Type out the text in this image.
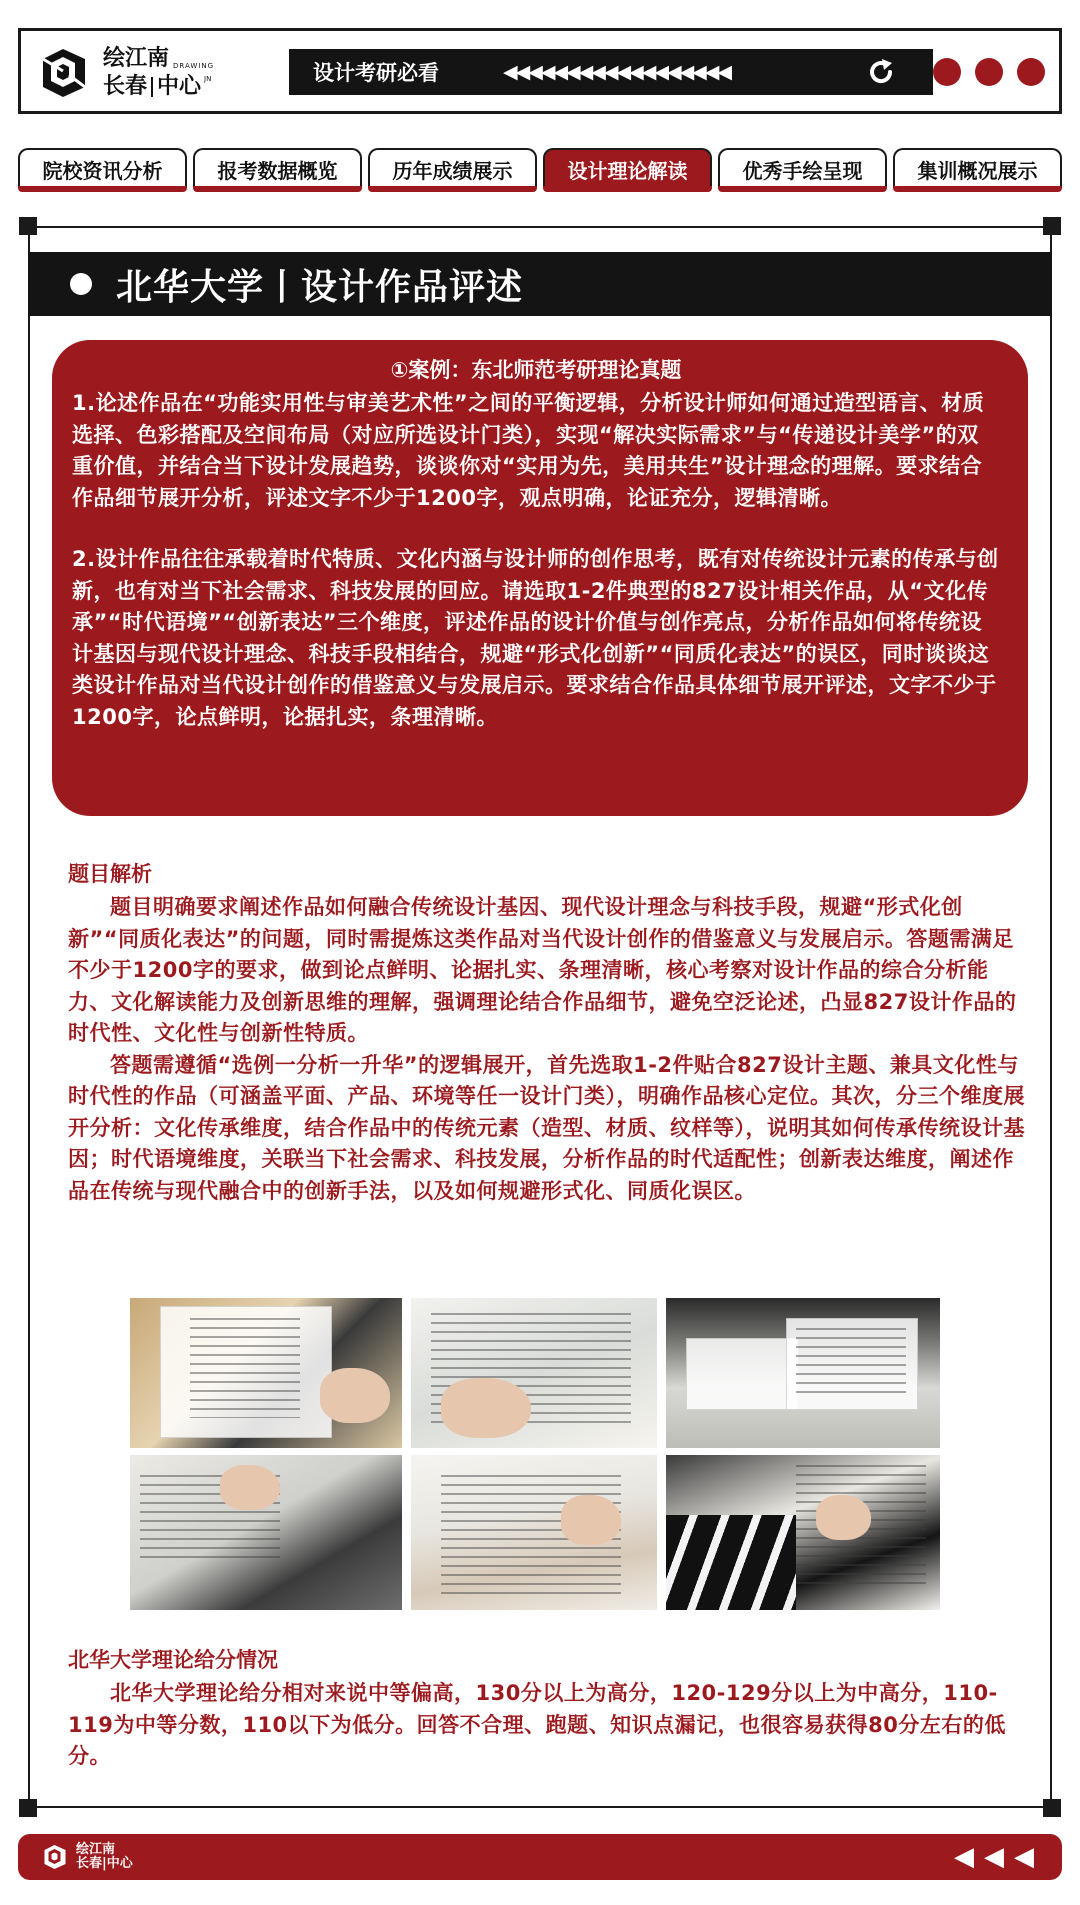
绘江南 DRAWING
长春 中心 JN	设计考研必看	◀◀◀◀◀◀◀◀◀◀◀◀◀◀◀◀◀◀
院校资讯分析	报考数据概览	历年成绩展示	设计理论解读	优秀手绘呈现	集训概况展示
北华大学丨设计作品评述
①案例：东北师范考研理论真题

1.论述作品在“功能实用性与审美艺术性”之间的平衡逻辑，分析设计师如何通过造型语言、材质选择、色彩搭配及空间布局（对应所选设计门类），实现“解决实际需求”与“传递设计美学”的双重价值，并结合当下设计发展趋势，谈谈你对“实用为先，美用共生”设计理念的理解。要求结合作品细节展开分析，评述文字不少于1200字，观点明确，论证充分，逻辑清晰。

2.设计作品往往承载着时代特质、文化内涵与设计师的创作思考，既有对传统设计元素的传承与创新，也有对当下社会需求、科技发展的回应。请选取1-2件典型的827设计相关作品，从“文化传承”“时代语境”“创新表达”三个维度，评述作品的设计价值与创作亮点，分析作品如何将传统设计基因与现代设计理念、科技手段相结合，规避“形式化创新”“同质化表达”的误区，同时谈谈这类设计作品对当代设计创作的借鉴意义与发展启示。要求结合作品具体细节展开评述，文字不少于1200字，论点鲜明，论据扎实，条理清晰。

题目解析

题目明确要求阐述作品如何融合传统设计基因、现代设计理念与科技手段，规避“形式化创新”“同质化表达”的问题，同时需提炼这类作品对当代设计创作的借鉴意义与发展启示。答题需满足不少于1200字的要求，做到论点鲜明、论据扎实、条理清晰，核心考察对设计作品的综合分析能力、文化解读能力及创新思维的理解，强调理论结合作品细节，避免空泛论述，凸显827设计作品的时代性、文化性与创新性特质。

答题需遵循“选例一分析一升华”的逻辑展开，首先选取1-2件贴合827设计主题、兼具文化性与时代性的作品（可涵盖平面、产品、环境等任一设计门类），明确作品核心定位。其次，分三个维度展开分析：文化传承维度，结合作品中的传统元素（造型、材质、纹样等），说明其如何传承传统设计基因；时代语境维度，关联当下社会需求、科技发展，分析作品的时代适配性；创新表达维度，阐述作品在传统与现代融合中的创新手法，以及如何规避形式化、同质化误区。

北华大学理论给分情况

北华大学理论给分相对来说中等偏高，130分以上为高分，120-129分以上为中高分，110-119为中等分数，110以下为低分。回答不合理、跑题、知识点漏记，也很容易获得80分左右的低分。

绘江南
长春|中心	◀◀◀
